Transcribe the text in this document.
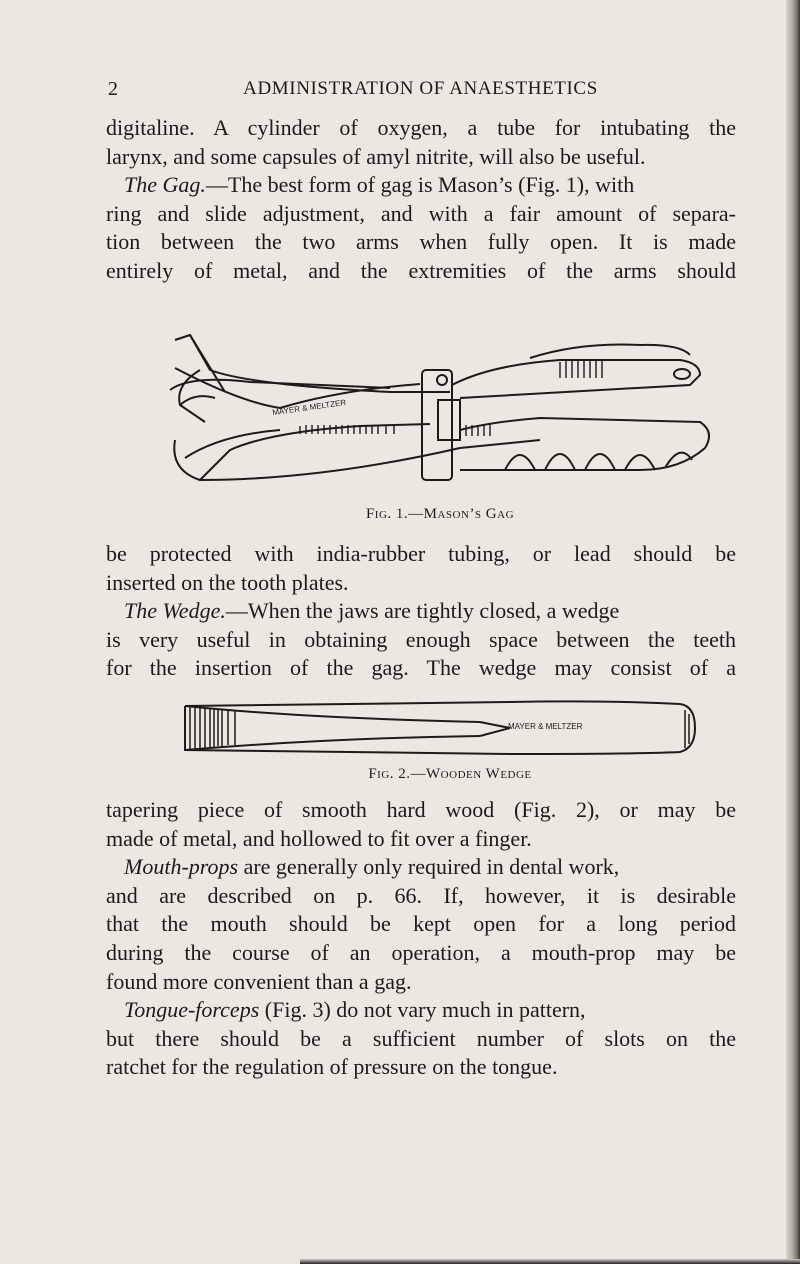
2	ADMINISTRATION OF ANAESTHETICS
digitaline. A cylinder of oxygen, a tube for intubating the
larynx, and some capsules of amyl nitrite, will also be useful.
The Gag.—The best form of gag is Mason’s (Fig. 1), with
ring and slide adjustment, and with a fair amount of separa-
tion between the two arms when fully open. It is made
entirely of metal, and the extremities of the arms should
MAYER & MELTZER
Fig. 1.—Mason’s Gag
be protected with india-rubber tubing, or lead should be
inserted on the tooth plates.
The Wedge.—When the jaws are tightly closed, a wedge
is very useful in obtaining enough space between the teeth
for the insertion of the gag. The wedge may consist of a
MAYER & MELTZER
Fig. 2.—Wooden Wedge
tapering piece of smooth hard wood (Fig. 2), or may be
made of metal, and hollowed to fit over a finger.
Mouth-props are generally only required in dental work,
and are described on p. 66. If, however, it is desirable
that the mouth should be kept open for a long period
during the course of an operation, a mouth-prop may be
found more convenient than a gag.
Tongue-forceps (Fig. 3) do not vary much in pattern,
but there should be a sufficient number of slots on the
ratchet for the regulation of pressure on the tongue.
